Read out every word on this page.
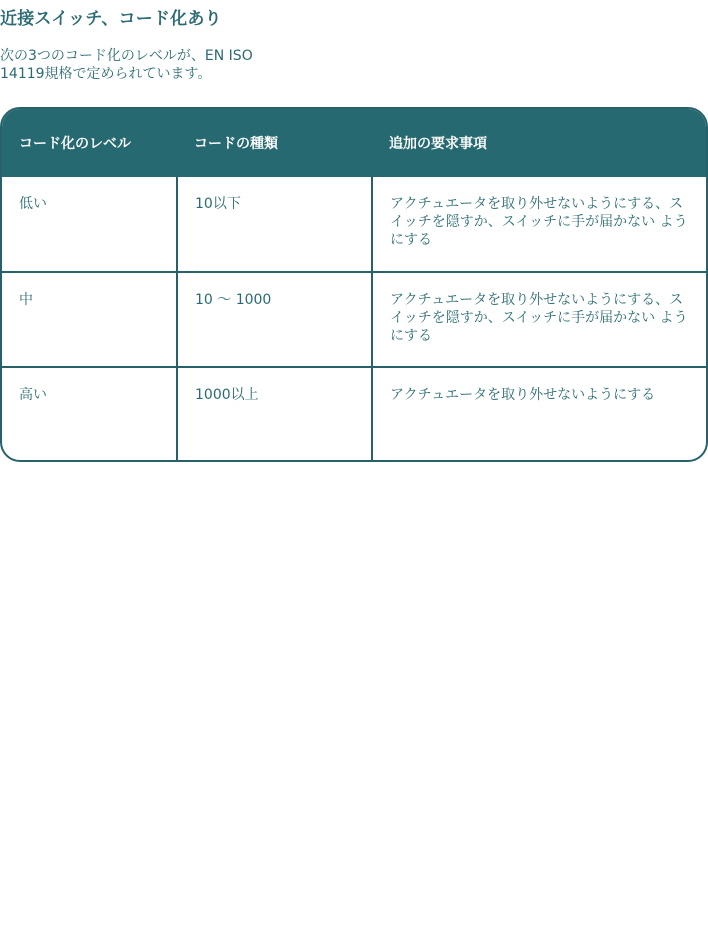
近接スイッチ、コード化あり
次の3つのコード化のレベルが、EN ISO
14119規格で定められています。
コード化のレベル	コードの種類	追加の要求事項
低い	10以下	アクチュエータを取り外せないようにする、スイッチを隠すか、スイッチに手が届かない ようにする
中	10 〜 1000	アクチュエータを取り外せないようにする、スイッチを隠すか、スイッチに手が届かない ようにする
高い	1000以上	アクチュエータを取り外せないようにする
